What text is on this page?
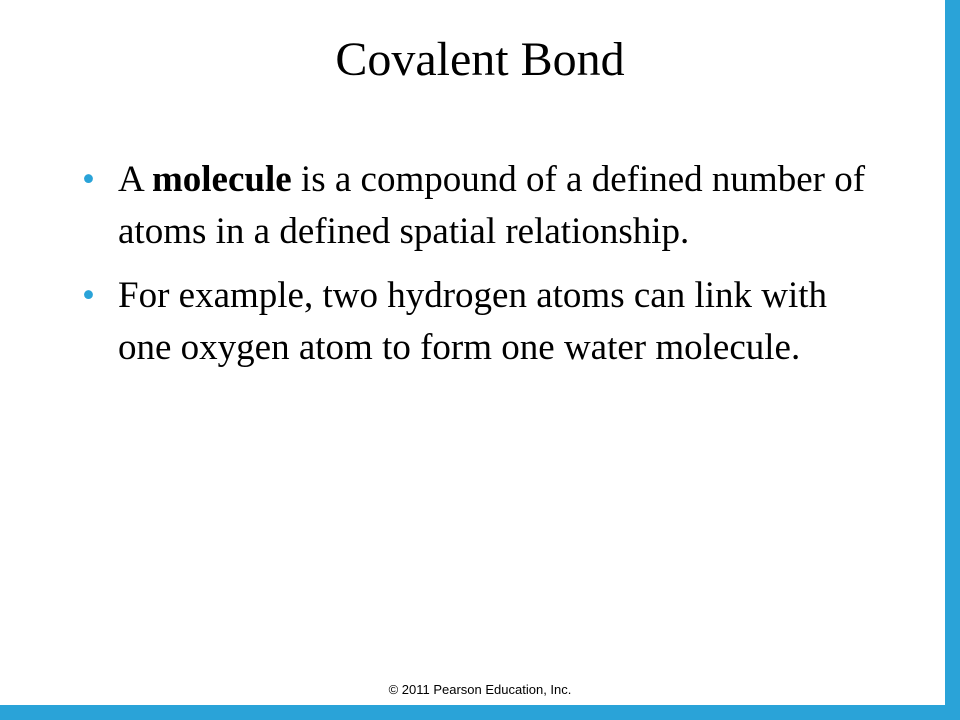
Covalent Bond
• A molecule is a compound of a defined number of atoms in a defined spatial relationship.
• For example, two hydrogen atoms can link with one oxygen atom to form one water molecule.
© 2011 Pearson Education, Inc.
